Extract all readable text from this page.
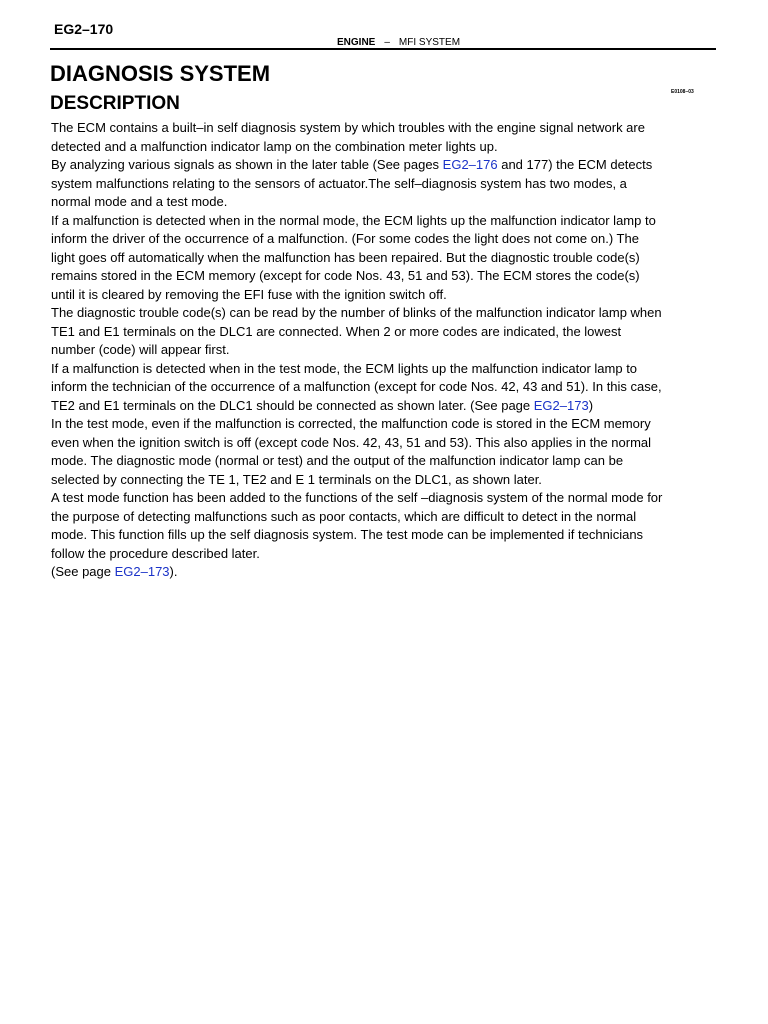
EG2–170
ENGINE – MFI SYSTEM
E0108–03
DIAGNOSIS SYSTEM
DESCRIPTION

The ECM contains a built–in self diagnosis system by which troubles with the engine signal network are detected and a malfunction indicator lamp on the combination meter lights up.

By analyzing various signals as shown in the later table (See pages EG2–176 and 177) the ECM detects system malfunctions relating to the sensors of actuator.The self–diagnosis system has two modes, a normal mode and a test mode.

If a malfunction is detected when in the normal mode, the ECM lights up the malfunction indicator lamp to inform the driver of the occurrence of a malfunction. (For some codes the light does not come on.) The light goes off automatically when the malfunction has been repaired. But the diagnostic trouble code(s) remains stored in the ECM memory (except for code Nos. 43, 51 and 53). The ECM stores the code(s) until it is cleared by removing the EFI fuse with the ignition switch off.

The diagnostic trouble code(s) can be read by the number of blinks of the malfunction indicator lamp when TE1 and E1 terminals on the DLC1 are connected. When 2 or more codes are indicated, the lowest number (code) will appear first.

If a malfunction is detected when in the test mode, the ECM lights up the malfunction indicator lamp to inform the technician of the occurrence of a malfunction (except for code Nos. 42, 43 and 51). In this case, TE2 and E1 terminals on the DLC1 should be connected as shown later. (See page EG2–173)

In the test mode, even if the malfunction is corrected, the malfunction code is stored in the ECM memory even when the ignition switch is off (except code Nos. 42, 43, 51 and 53). This also applies in the normal mode. The diagnostic mode (normal or test) and the output of the malfunction indicator lamp can be selected by connecting the TE 1, TE2 and E 1 terminals on the DLC1, as shown later.

A test mode function has been added to the functions of the self –diagnosis system of the normal mode for the purpose of detecting malfunctions such as poor contacts, which are difficult to detect in the normal mode. This function fills up the self diagnosis system. The test mode can be implemented if technicians follow the procedure described later.

(See page EG2–173).
